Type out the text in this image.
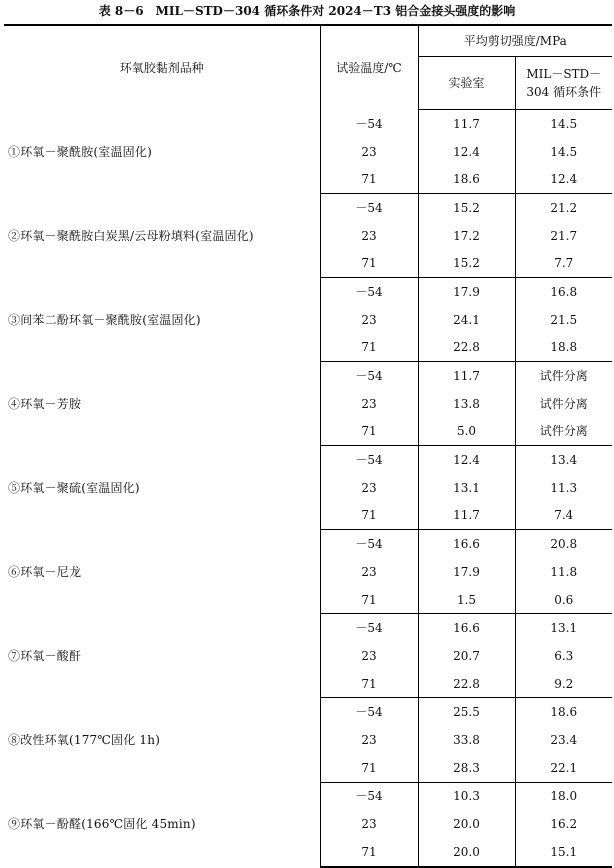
表 8－6　MIL－STD－304 循环条件对 2024－T3 铝合金接头强度的影响
环氧胶黏剂品种	试验温度/℃	平均剪切强度/MPa	
		实验室	MIL－STD－
304 循环条件

①环氧－聚酰胺(室温固化)	－54	11.7	14.5
	23	12.4	14.5
	71	18.6	12.4
②环氧－聚酰胺白炭黑/云母粉填料(室温固化)	－54	15.2	21.2
	23	17.2	21.7
	71	15.2	7.7
③间苯二酚环氧－聚酰胺(室温固化)	－54	17.9	16.8
	23	24.1	21.5
	71	22.8	18.8
④环氧－芳胺	－54	11.7	试件分离
	23	13.8	试件分离
	71	5.0	试件分离
⑤环氧－聚硫(室温固化)	－54	12.4	13.4
	23	13.1	11.3
	71	11.7	7.4
⑥环氧－尼龙	－54	16.6	20.8
	23	17.9	11.8
	71	1.5	0.6
⑦环氧－酸酐	－54	16.6	13.1
	23	20.7	6.3
	71	22.8	9.2
⑧改性环氧(177℃固化 1h)	－54	25.5	18.6
	23	33.8	23.4
	71	28.3	22.1
⑨环氧－酚醛(166℃固化 45min)	－54	10.3	18.0
	23	20.0	16.2
	71	20.0	15.1
